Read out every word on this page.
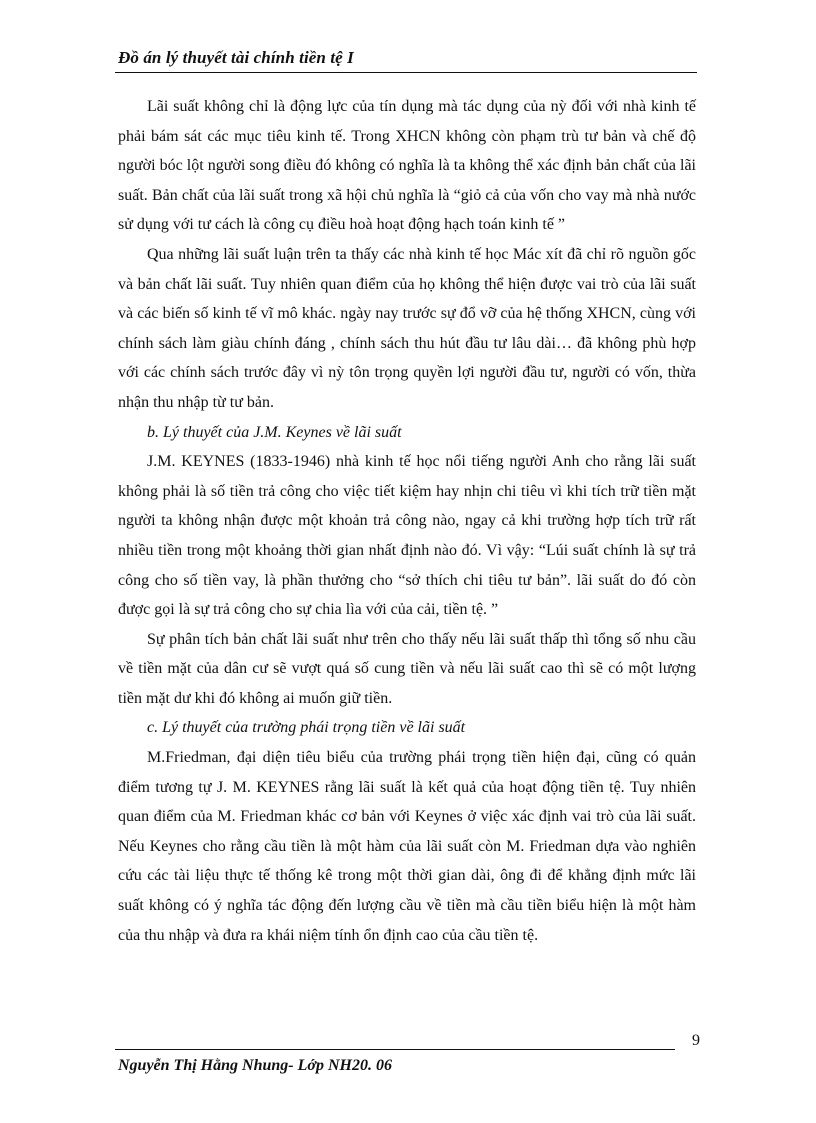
Đồ án lý thuyết tài chính tiền tệ I

Lãi suất không chỉ là động lực của tín dụng mà tác dụng của nỳ đối với nhà kinh tế phải bám sát các mục tiêu kinh tế. Trong XHCN không còn phạm trù tư bản và chế độ người bóc lột người song điều đó không có nghĩa là ta không thể xác định bản chất của lãi suất. Bản chất của lãi suất trong xã hội chủ nghĩa là “giỏ cả của vốn cho vay mà nhà nước sử dụng với tư cách là công cụ điều hoà hoạt động hạch toán kinh tế ”

Qua những lãi suất luận trên ta thấy các nhà kinh tế học Mác xít đã chỉ rõ nguồn gốc và bản chất lãi suất. Tuy nhiên quan điểm của họ không thể hiện được vai trò của lãi suất và các biến số kinh tế vĩ mô khác. ngày nay trước sự đổ vỡ của hệ thống XHCN, cùng với chính sách làm giàu chính đáng , chính sách thu hút đầu tư lâu dài… đã không phù hợp với các chính sách trước đây vì nỳ tôn trọng quyền lợi người đầu tư, người có vốn, thừa nhận thu nhập từ tư bản.

b. Lý thuyết của J.M. Keynes về lãi suất

J.M. KEYNES (1833-1946) nhà kinh tế học nổi tiếng người Anh cho rằng lãi suất không phải là số tiền trả công cho việc tiết kiệm hay nhịn chi tiêu vì khi tích trữ tiền mặt người ta không nhận được một khoản trả công nào, ngay cả khi trường hợp tích trữ rất nhiều tiền trong một khoảng thời gian nhất định nào đó. Vì vậy: “Lúi suất chính là sự trả công cho số tiền vay, là phần thưởng cho “sở thích chi tiêu tư bản”. lãi suất do đó còn được gọi là sự trả công cho sự chia lìa với của cải, tiền tệ. ”

Sự phân tích bản chất lãi suất như trên cho thấy nếu lãi suất thấp thì tổng số nhu cầu về tiền mặt của dân cư sẽ vượt quá số cung tiền và nếu lãi suất cao thì sẽ có một lượng tiền mặt dư khi đó không ai muốn giữ tiền.

c. Lý thuyết của trường phái trọng tiền về lãi suất

M.Friedman, đại diện tiêu biểu của trường phái trọng tiền hiện đại, cũng có quản điểm tương tự J. M. KEYNES rằng lãi suất là kết quả của hoạt động tiền tệ. Tuy nhiên quan điểm của M. Friedman khác cơ bản với Keynes ở việc xác định vai trò của lãi suất. Nếu Keynes cho rằng cầu tiền là một hàm của lãi suất còn M. Friedman dựa vào nghiên cứu các tài liệu thực tế thống kê trong một thời gian dài, ông đi để khẳng định mức lãi suất không có ý nghĩa tác động đến lượng cầu về tiền mà cầu tiền biểu hiện là một hàm của thu nhập và đưa ra khái niệm tính ổn định cao của cầu tiền tệ.

9
Nguyễn Thị Hằng Nhung- Lớp NH20. 06
